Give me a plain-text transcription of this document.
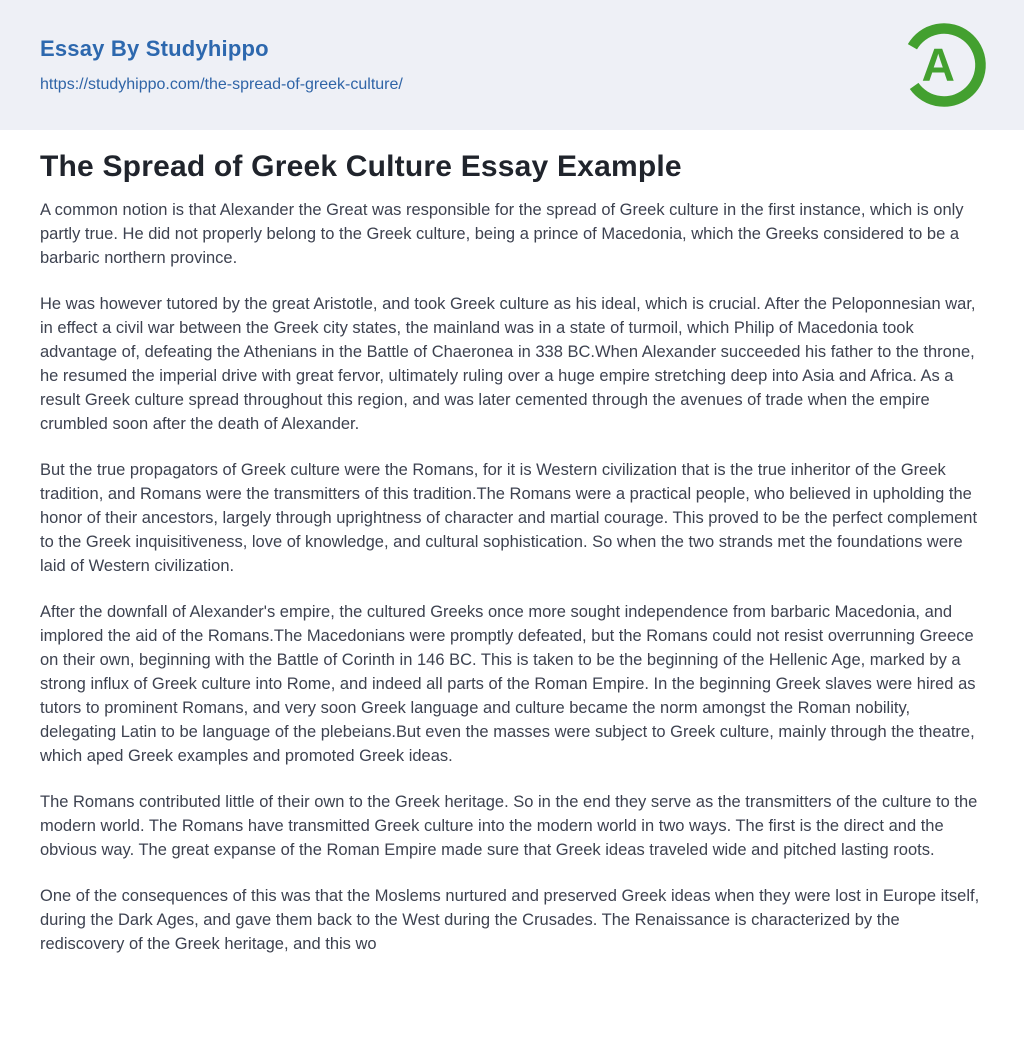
Essay By Studyhippo
https://studyhippo.com/the-spread-of-greek-culture/	A
The Spread of Greek Culture Essay Example

A common notion is that Alexander the Great was responsible for the spread of Greek culture in the first instance, which is only partly true. He did not properly belong to the Greek culture, being a prince of Macedonia, which the Greeks considered to be a barbaric northern province.

He was however tutored by the great Aristotle, and took Greek culture as his ideal, which is crucial. After the Peloponnesian war, in effect a civil war between the Greek city states, the mainland was in a state of turmoil, which Philip of Macedonia took advantage of, defeating the Athenians in the Battle of Chaeronea in 338 BC.When Alexander succeeded his father to the throne, he resumed the imperial drive with great fervor, ultimately ruling over a huge empire stretching deep into Asia and Africa. As a result Greek culture spread throughout this region, and was later cemented through the avenues of trade when the empire crumbled soon after the death of Alexander.

But the true propagators of Greek culture were the Romans, for it is Western civilization that is the true inheritor of the Greek tradition, and Romans were the transmitters of this tradition.The Romans were a practical people, who believed in upholding the honor of their ancestors, largely through uprightness of character and martial courage. This proved to be the perfect complement to the Greek inquisitiveness, love of knowledge, and cultural sophistication. So when the two strands met the foundations were laid of Western civilization.

After the downfall of Alexander's empire, the cultured Greeks once more sought independence from barbaric Macedonia, and implored the aid of the Romans.The Macedonians were promptly defeated, but the Romans could not resist overrunning Greece on their own, beginning with the Battle of Corinth in 146 BC. This is taken to be the beginning of the Hellenic Age, marked by a strong influx of Greek culture into Rome, and indeed all parts of the Roman Empire. In the beginning Greek slaves were hired as tutors to prominent Romans, and very soon Greek language and culture became the norm amongst the Roman nobility, delegating Latin to be language of the plebeians.But even the masses were subject to Greek culture, mainly through the theatre, which aped Greek examples and promoted Greek ideas.

The Romans contributed little of their own to the Greek heritage. So in the end they serve as the transmitters of the culture to the modern world. The Romans have transmitted Greek culture into the modern world in two ways. The first is the direct and the obvious way. The great expanse of the Roman Empire made sure that Greek ideas traveled wide and pitched lasting roots.

One of the consequences of this was that the Moslems nurtured and preserved Greek ideas when they were lost in Europe itself, during the Dark Ages, and gave them back to the West during the Crusades. The Renaissance is characterized by the rediscovery of the Greek heritage, and this wo
